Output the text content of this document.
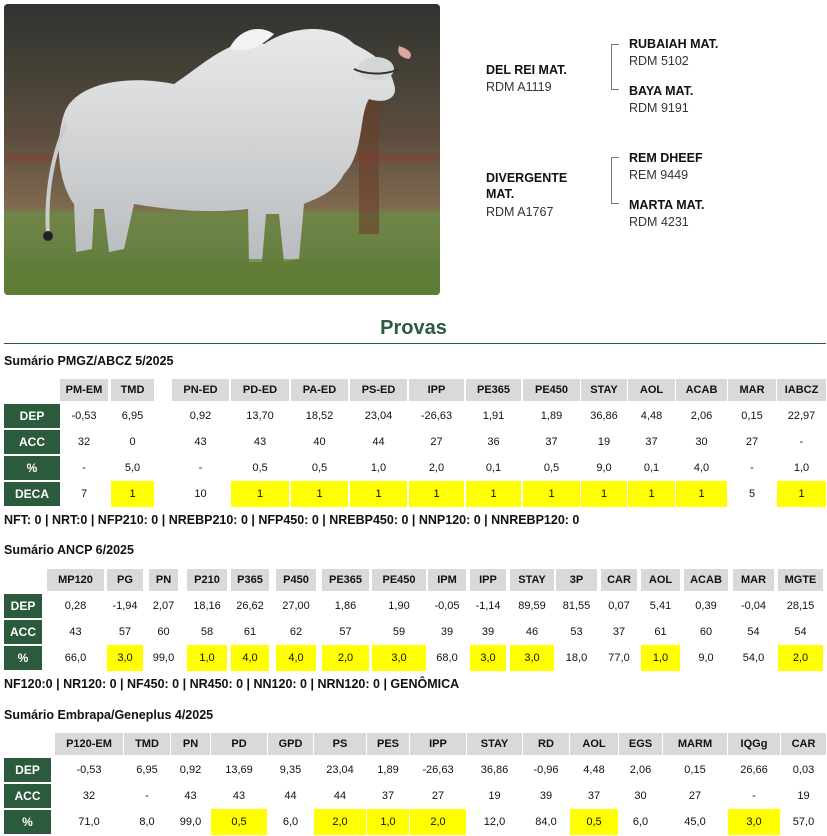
DEL REI MAT.
RDM A1119
RUBAIAH MAT.
RDM 5102
BAYA MAT.
RDM 9191
DIVERGENTE
MAT.
RDM A1767
REM DHEEF
REM 9449
MARTA MAT.
RDM 4231
Provas
Sumário PMGZ/ABCZ 5/2025
PM-EM	TMD	PN-ED	PD-ED	PA-ED	PS-ED	IPP	PE365	PE450	STAY	AOL	ACAB	MAR	IABCZ
DEP	-0,53	6,95	0,92	13,70	18,52	23,04	-26,63	1,91	1,89	36,86	4,48	2,06	0,15	22,97
ACC	32	0	43	43	40	44	27	36	37	19	37	30	27	-
%	-	5,0	-	0,5	0,5	1,0	2,0	0,1	0,5	9,0	0,1	4,0	-	1,0
DECA	7	1	10	1	1	1	1	1	1	1	1	1	5	1
NFT: 0 | NRT:0 | NFP210: 0 | NREBP210: 0 | NFP450: 0 | NREBP450: 0 | NNP120: 0 | NNREBP120: 0
Sumário ANCP 6/2025
MP120	PG	PN	P210	P365	P450	PE365	PE450	IPM	IPP	STAY	3P	CAR	AOL	ACAB	MAR	MGTE
DEP	0,28	-1,94	2,07	18,16	26,62	27,00	1,86	1,90	-0,05	-1,14	89,59	81,55	0,07	5,41	0,39	-0,04	28,15
ACC	43	57	60	58	61	62	57	59	39	39	46	53	37	61	60	54	54
%	66,0	3,0	99,0	1,0	4,0	4,0	2,0	3,0	68,0	3,0	3,0	18,0	77,0	1,0	9,0	54,0	2,0
NF120:0 | NR120: 0 | NF450: 0 | NR450: 0 | NN120: 0 | NRN120: 0 | GENÔMICA
Sumário Embrapa/Geneplus 4/2025
P120-EM	TMD	PN	PD	GPD	PS	PES	IPP	STAY	RD	AOL	EGS	MARM	IQGg	CAR
DEP	-0,53	6,95	0,92	13,69	9,35	23,04	1,89	-26,63	36,86	-0,96	4,48	2,06	0,15	26,66	0,03
ACC	32	-	43	43	44	44	37	27	19	39	37	30	27	-	19
%	71,0	8,0	99,0	0,5	6,0	2,0	1,0	2,0	12,0	84,0	0,5	6,0	45,0	3,0	57,0
